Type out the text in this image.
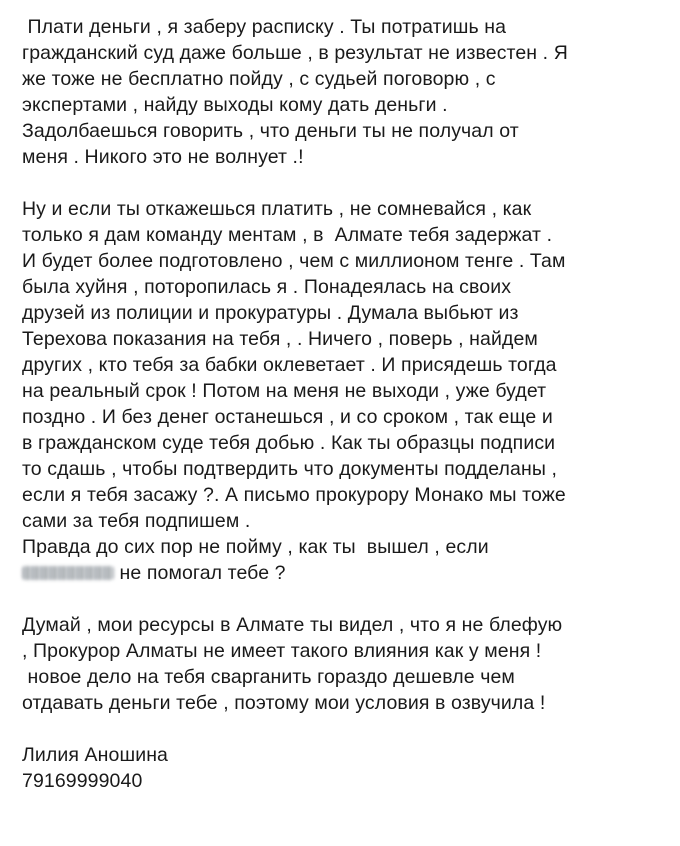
Плати деньги , я заберу расписку . Ты потратишь на
гражданский суд даже больше , в результат не известен . Я
же тоже не бесплатно пойду , с судьей поговорю , с
экспертами , найду выходы кому дать деньги .
Задолбаешься говорить , что деньги ты не получал от
меня . Никого это не волнует .!
Ну и если ты откажешься платить , не сомневайся , как
только я дам команду ментам , в  Алмате тебя задержат .
И будет более подготовлено , чем с миллионом тенге . Там
была хуйня , поторопилась я . Понадеялась на своих
друзей из полиции и прокуратуры . Думала выбьют из
Терехова показания на тебя , . Ничего , поверь , найдем
других , кто тебя за бабки оклеветает . И присядешь тогда
на реальный срок ! Потом на меня не выходи , уже будет
поздно . И без денег останешься , и со сроком , так еще и
в гражданском суде тебя добью . Как ты образцы подписи
то сдашь , чтобы подтвердить что документы подделаны ,
если я тебя засажу ?. А письмо прокурору Монако мы тоже
сами за тебя подпишем .
Правда до сих пор не пойму , как ты  вышел , если
не помогал тебе ?
Думай , мои ресурсы в Алмате ты видел , что я не блефую
, Прокурор Алматы не имеет такого влияния как у меня !
новое дело на тебя сварганить гораздо дешевле чем
отдавать деньги тебе , поэтому мои условия в озвучила !
Лилия Аношина
79169999040
